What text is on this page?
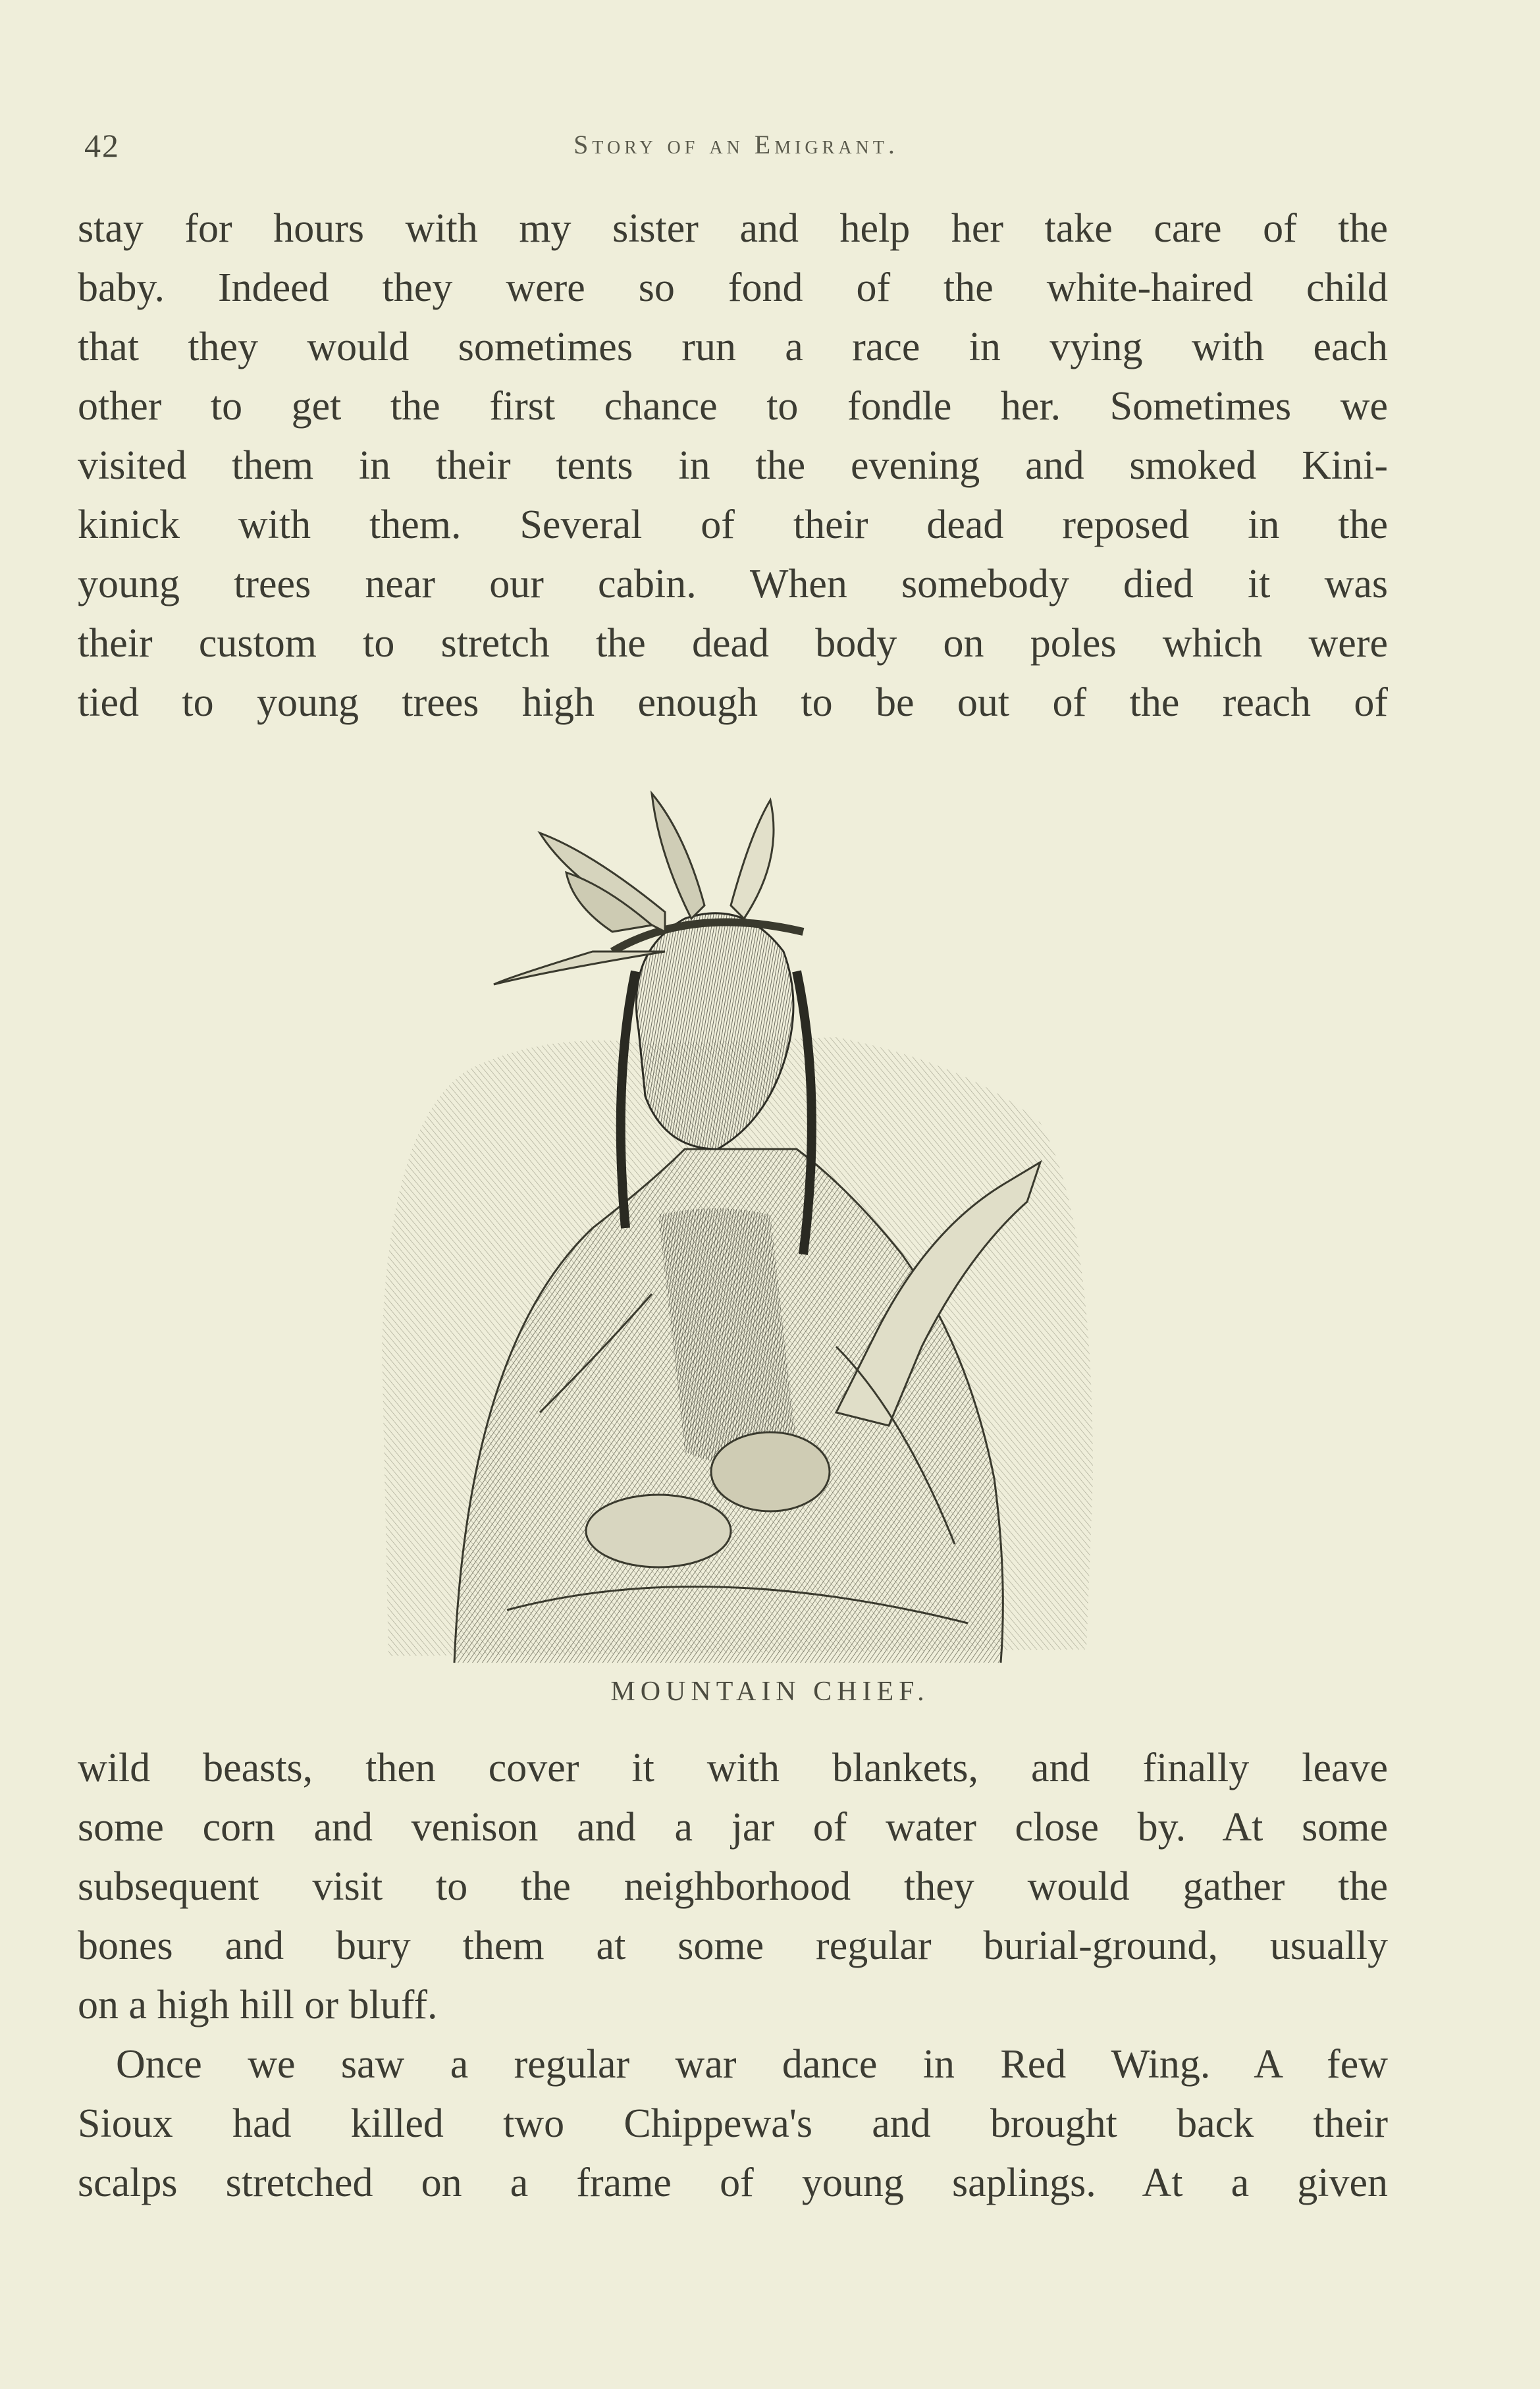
42	Story of an Emigrant.
stay for hours with my sister and help her take care of the
baby. Indeed they were so fond of the white-haired child
that they would sometimes run a race in vying with each
other to get the first chance to fondle her. Sometimes we
visited them in their tents in the evening and smoked Kini-
kinick with them. Several of their dead reposed in the
young trees near our cabin. When somebody died it was
their custom to stretch the dead body on poles which were
tied to young trees high enough to be out of the reach of
MOUNTAIN CHIEF.
wild beasts, then cover it with blankets, and finally leave
some corn and venison and a jar of water close by. At some
subsequent visit to the neighborhood they would gather the
bones and bury them at some regular burial-ground, usually
on a high hill or bluff.
Once we saw a regular war dance in Red Wing. A few
Sioux had killed two Chippewa's and brought back their
scalps stretched on a frame of young saplings. At a given
